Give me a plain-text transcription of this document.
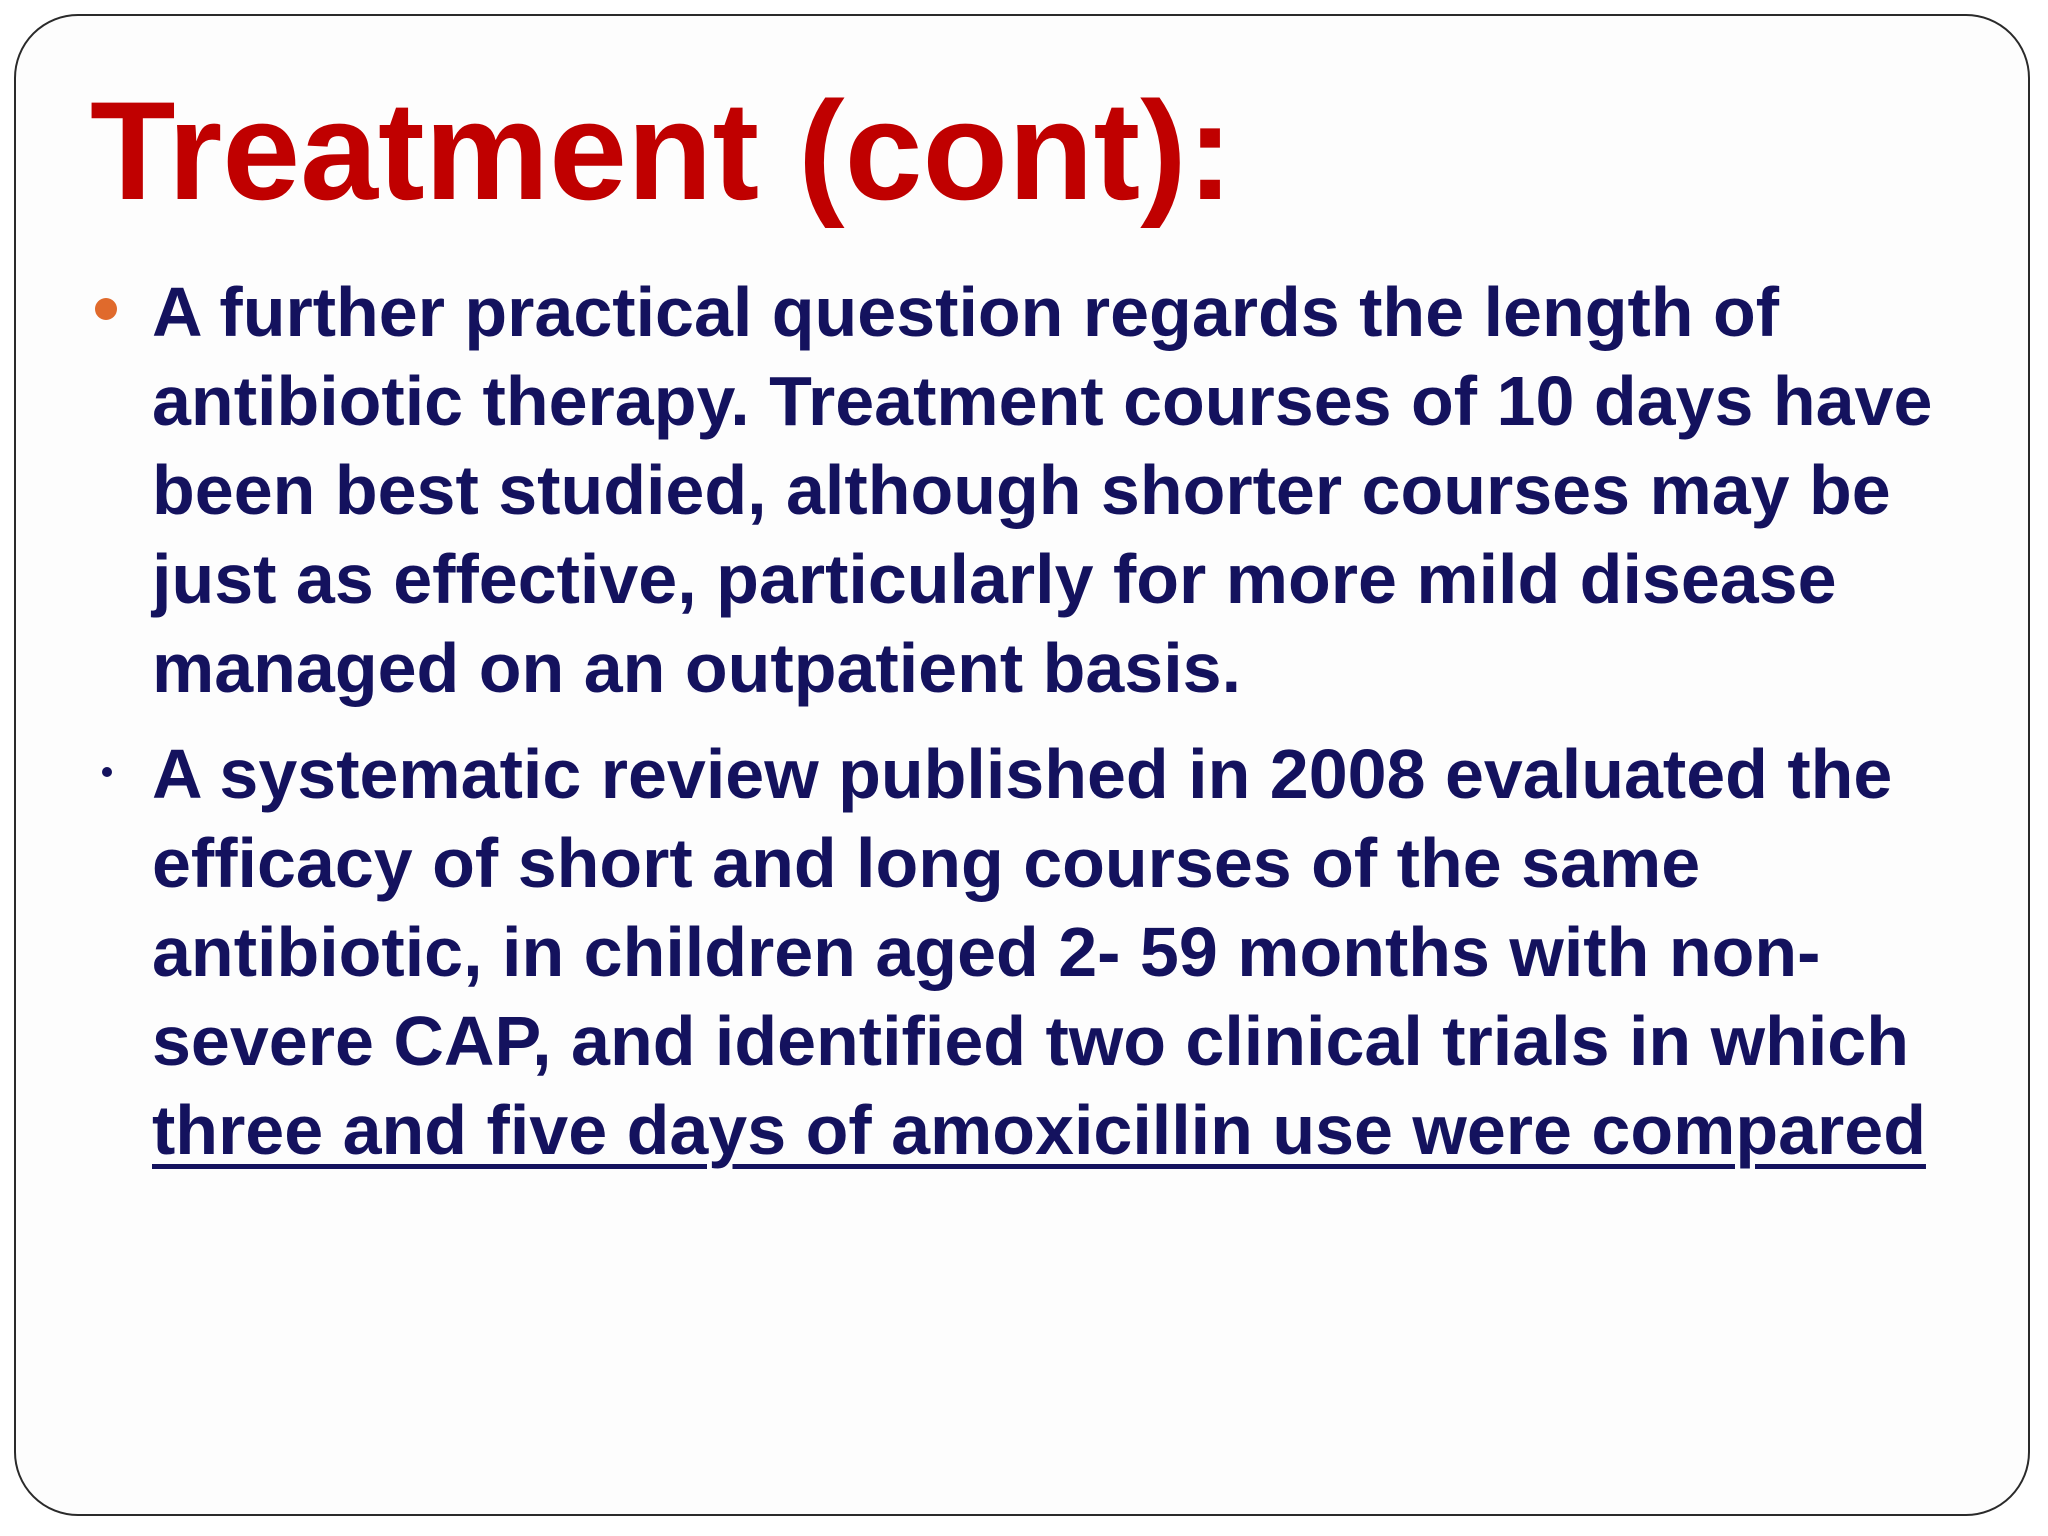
Treatment (cont):
A further practical question regards the length of antibiotic therapy. Treatment courses of 10 days have been best studied, although shorter courses may be just as effective, particularly for more mild disease managed on an outpatient basis.
A systematic review published in 2008 evaluated the efficacy of short and long courses of the same antibiotic, in children aged 2- 59 months with non-severe CAP, and identified two clinical trials in which three and five days of amoxicillin use were compared
